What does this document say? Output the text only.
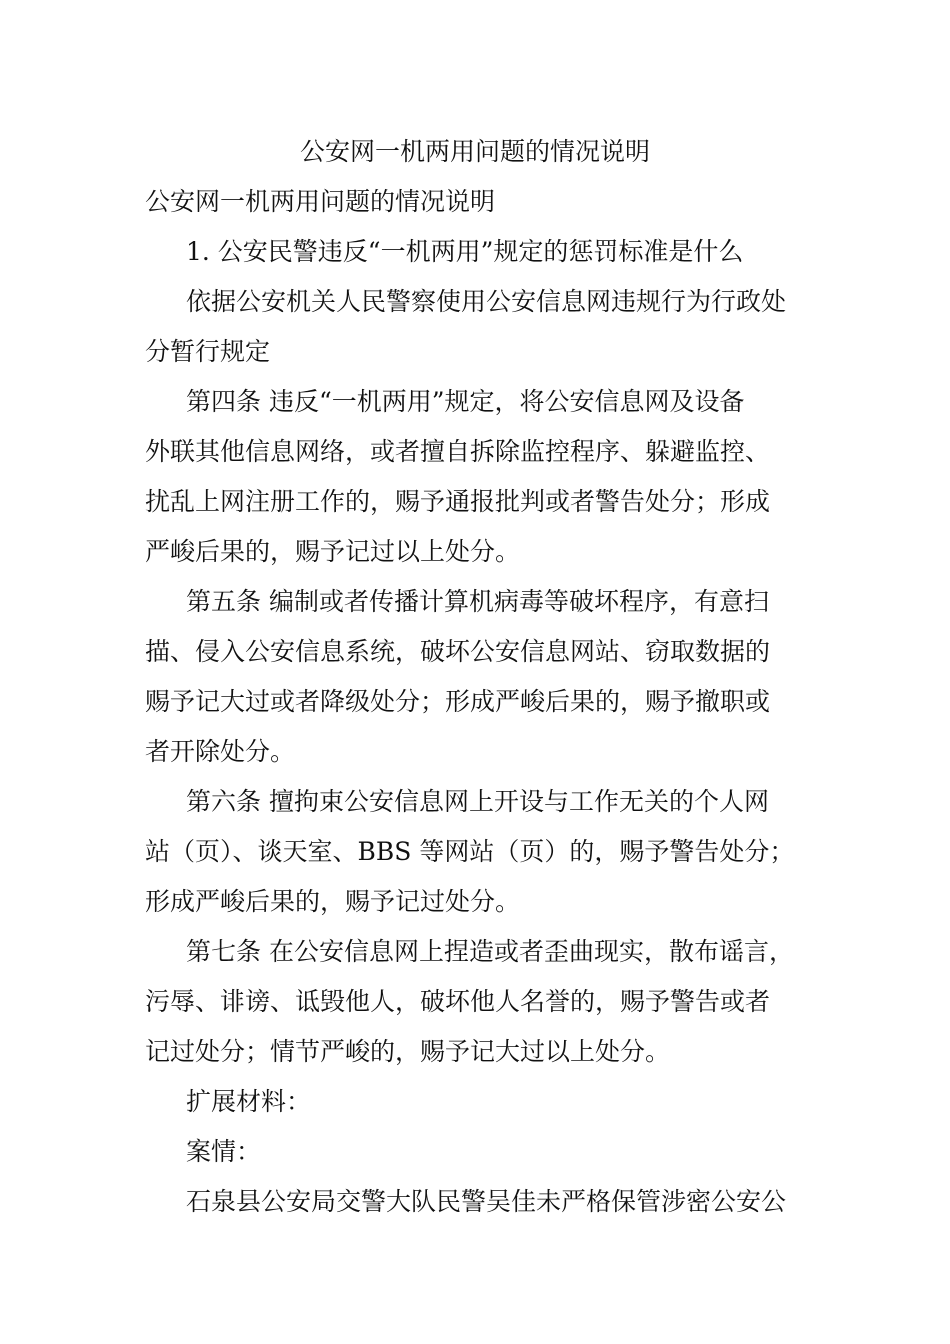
公安网一机两用问题的情况说明
公安网一机两用问题的情况说明
1. 公安民警违反“一机两用”规定的惩罚标准是什么
依据公安机关人民警察使用公安信息网违规行为行政处
分暂行规定
第四条 违反“一机两用”规定，将公安信息网及设备
外联其他信息网络，或者擅自拆除监控程序、躲避监控、
扰乱上网注册工作的，赐予通报批判或者警告处分；形成
严峻后果的，赐予记过以上处分。
第五条 编制或者传播计算机病毒等破坏程序，有意扫
描、侵入公安信息系统，破坏公安信息网站、窃取数据的
赐予记大过或者降级处分；形成严峻后果的，赐予撤职或
者开除处分。
第六条 擅拘束公安信息网上开设与工作无关的个人网
站（页）、谈天室、BBS 等网站（页）的，赐予警告处分；
形成严峻后果的，赐予记过处分。
第七条 在公安信息网上捏造或者歪曲现实，散布谣言，
污辱、诽谤、诋毁他人，破坏他人名誉的，赐予警告或者
记过处分；情节严峻的，赐予记大过以上处分。
扩展材料：
案情：
石泉县公安局交警大队民警吴佳未严格保管涉密公安公
